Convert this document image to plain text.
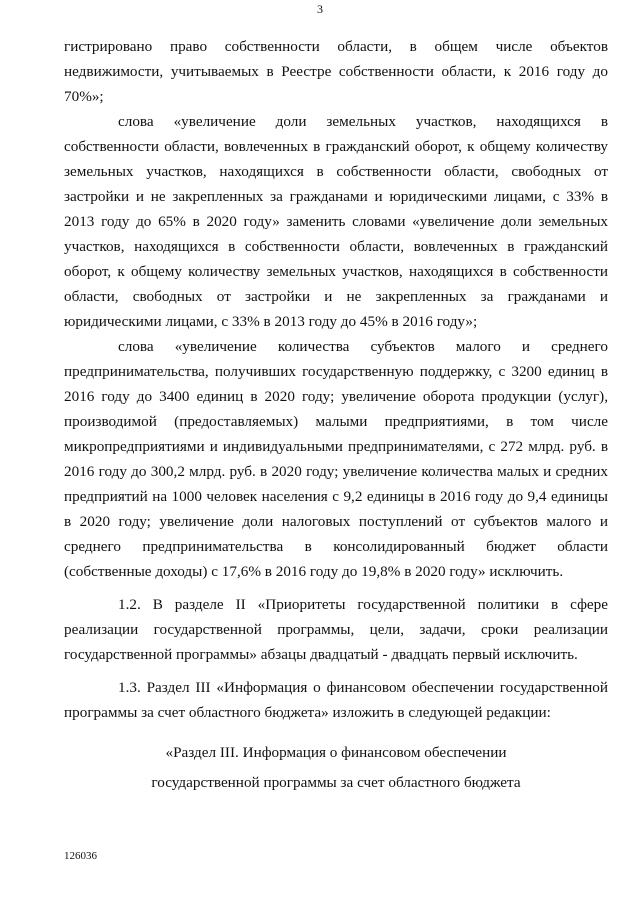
3

гистрировано право собственности области, в общем числе объектов недвижимости, учитываемых в Реестре собственности области, к 2016 году до 70%»;

слова «увеличение доли земельных участков, находящихся в собственности области, вовлеченных в гражданский оборот, к общему количеству земельных участков, находящихся в собственности области, свободных от застройки и не закрепленных за гражданами и юридическими лицами, с 33% в 2013 году до 65% в 2020 году» заменить словами «увеличение доли земельных участков, находящихся в собственности области, вовлеченных в гражданский оборот, к общему количеству земельных участков, находящихся в собственности области, свободных от застройки и не закрепленных за гражданами и юридическими лицами, с 33% в 2013 году до 45% в 2016 году»;

слова «увеличение количества субъектов малого и среднего предпринимательства, получивших государственную поддержку, с 3200 единиц в 2016 году до 3400 единиц в 2020 году; увеличение оборота продукции (услуг), производимой (предоставляемых) малыми предприятиями, в том числе микропредприятиями и индивидуальными предпринимателями, с 272 млрд. руб. в 2016 году до 300,2 млрд. руб. в 2020 году; увеличение количества малых и средних предприятий на 1000 человек населения с 9,2 единицы в 2016 году до 9,4 единицы в 2020 году; увеличение доли налоговых поступлений от субъектов малого и среднего предпринимательства в консолидированный бюджет области (собственные доходы) с 17,6% в 2016 году до 19,8% в 2020 году» исключить.

1.2. В разделе II «Приоритеты государственной политики в сфере реализации государственной программы, цели, задачи, сроки реализации государственной программы» абзацы двадцатый - двадцать первый исключить.

1.3. Раздел III «Информация о финансовом обеспечении государственной программы за счет областного бюджета» изложить в следующей редакции:

«Раздел III. Информация о финансовом обеспечении
государственной программы за счет областного бюджета
126036
